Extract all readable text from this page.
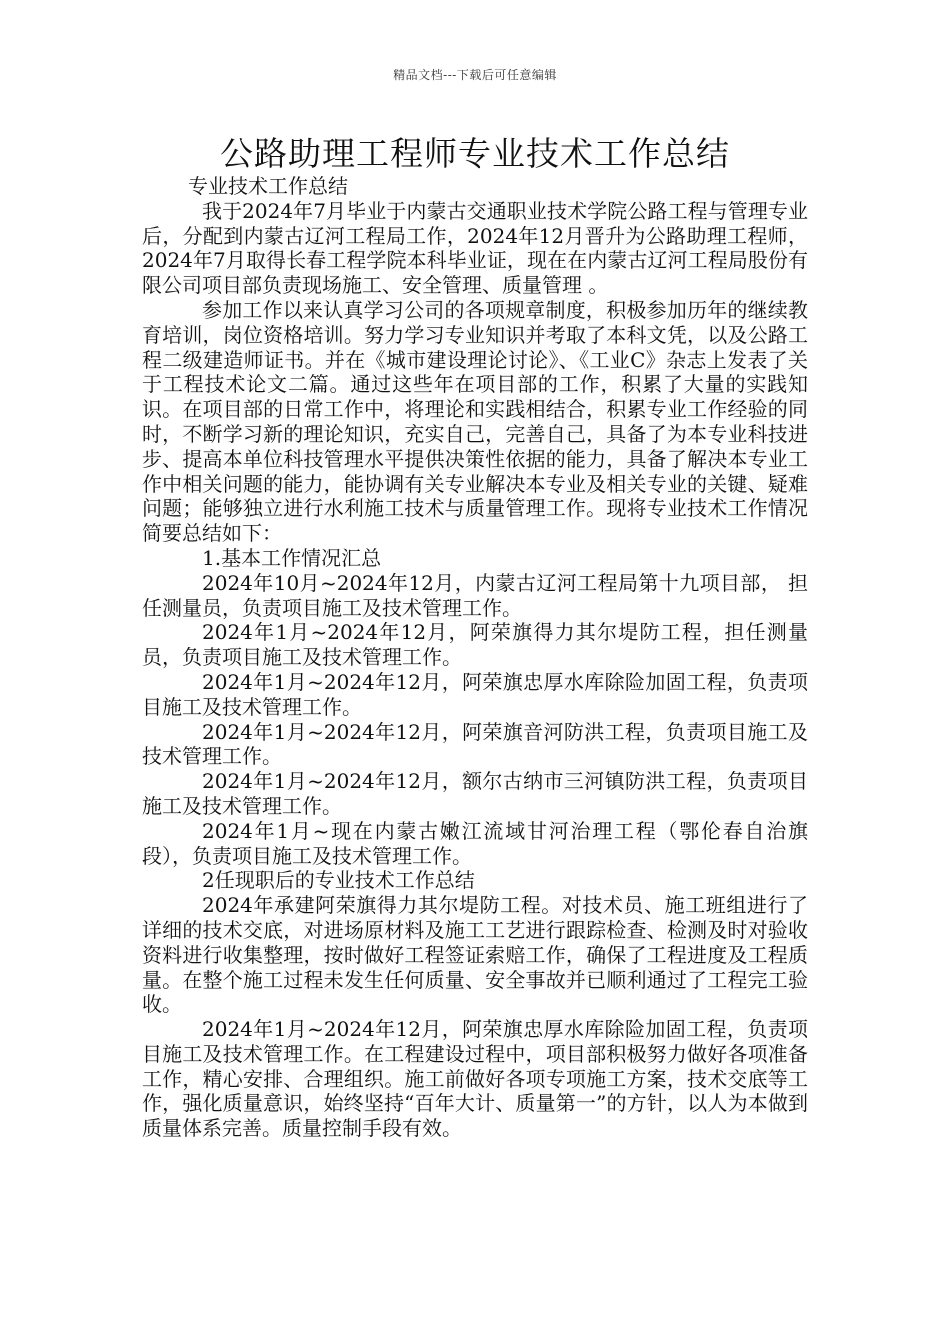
精品文档---下载后可任意编辑
公路助理工程师专业技术工作总结

专业技术工作总结

我于2024年7月毕业于内蒙古交通职业技术学院公路工程与管理专业后，分配到内蒙古辽河工程局工作，2024年12月晋升为公路助理工程师，2024年7月取得长春工程学院本科毕业证，现在在内蒙古辽河工程局股份有限公司项目部负责现场施工、安全管理、质量管理 。

参加工作以来认真学习公司的各项规章制度，积极参加历年的继续教育培训，岗位资格培训。努力学习专业知识并考取了本科文凭，以及公路工程二级建造师证书。并在《城市建设理论讨论》、《工业C》杂志上发表了关于工程技术论文二篇。通过这些年在项目部的工作，积累了大量的实践知识。在项目部的日常工作中，将理论和实践相结合，积累专业工作经验的同时，不断学习新的理论知识，充实自己，完善自己，具备了为本专业科技进步、提高本单位科技管理水平提供决策性依据的能力，具备了解决本专业工作中相关问题的能力，能协调有关专业解决本专业及相关专业的关键、疑难问题；能够独立进行水利施工技术与质量管理工作。现将专业技术工作情况简要总结如下：

1.基本工作情况汇总

2024年10月~2024年12月，内蒙古辽河工程局第十九项目部， 担任测量员，负责项目施工及技术管理工作。

2024年1月~2024年12月，阿荣旗得力其尔堤防工程，担任测量员，负责项目施工及技术管理工作。

2024年1月~2024年12月，阿荣旗忠厚水库除险加固工程，负责项目施工及技术管理工作。

2024年1月~2024年12月，阿荣旗音河防洪工程，负责项目施工及技术管理工作。

2024年1月~2024年12月，额尔古纳市三河镇防洪工程，负责项目施工及技术管理工作。

2024年1月~现在内蒙古嫩江流域甘河治理工程（鄂伦春自治旗段），负责项目施工及技术管理工作。

2任现职后的专业技术工作总结

2024年承建阿荣旗得力其尔堤防工程。对技术员、施工班组进行了详细的技术交底，对进场原材料及施工工艺进行跟踪检查、检测及时对验收资料进行收集整理，按时做好工程签证索赔工作，确保了工程进度及工程质量。在整个施工过程未发生任何质量、安全事故并已顺利通过了工程完工验收。

2024年1月~2024年12月，阿荣旗忠厚水库除险加固工程，负责项目施工及技术管理工作。在工程建设过程中，项目部积极努力做好各项准备工作，精心安排、合理组织。施工前做好各项专项施工方案，技术交底等工作，强化质量意识，始终坚持“百年大计、质量第一”的方针，以人为本做到质量体系完善。质量控制手段有效。
